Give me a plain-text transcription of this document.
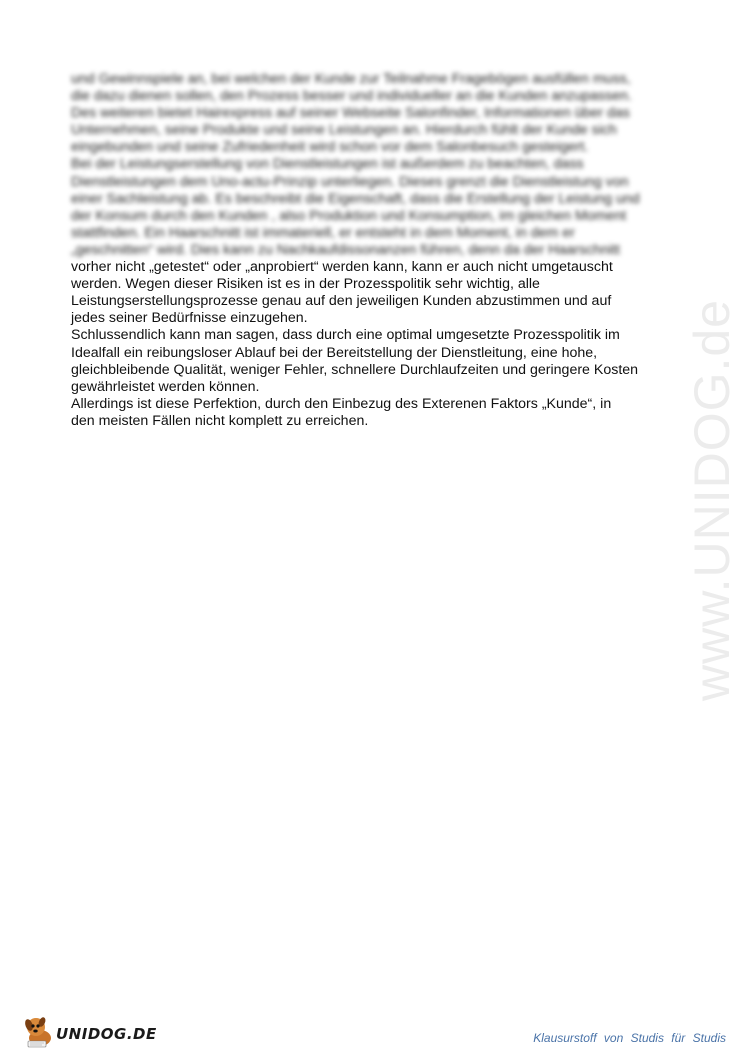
www.UNIDOG.de
und Gewinnspiele an, bei welchen der Kunde zur Teilnahme Fragebögen ausfüllen muss,
die dazu dienen sollen, den Prozess besser und individueller an die Kunden anzupassen.
Des weiteren bietet Hairexpress auf seiner Webseite Salonfinder, Informationen über das
Unternehmen, seine Produkte und seine Leistungen an. Hierdurch fühlt der Kunde sich
eingebunden und seine Zufriedenheit wird schon vor dem Salonbesuch gesteigert.
Bei der Leistungserstellung von Dienstleistungen ist außerdem zu beachten, dass
Dienstleistungen dem Uno-actu-Prinzip unterliegen. Dieses grenzt die Dienstleistung von
einer Sachleistung ab. Es beschreibt die Eigenschaft, dass die Erstellung der Leistung und
der Konsum durch den Kunden , also Produktion und Konsumption, im gleichen Moment
stattfinden. Ein Haarschnitt ist immateriell, er entsteht in dem Moment, in dem er
„geschnitten“ wird. Dies kann zu Nachkaufdissonanzen führen, denn da der Haarschnitt
vorher nicht „getestet“ oder „anprobiert“ werden kann, kann er auch nicht umgetauscht
werden. Wegen dieser Risiken ist es in der Prozesspolitik sehr wichtig, alle
Leistungserstellungsprozesse genau auf den jeweiligen Kunden abzustimmen und auf
jedes seiner Bedürfnisse einzugehen.
Schlussendlich kann man sagen, dass durch eine optimal umgesetzte Prozesspolitik im
Idealfall ein reibungsloser Ablauf bei der Bereitstellung der Dienstleitung, eine hohe,
gleichbleibende Qualität, weniger Fehler, schnellere Durchlaufzeiten und geringere Kosten
gewährleistet werden können.
Allerdings ist diese Perfektion, durch den Einbezug des Exterenen Faktors „Kunde“, in
den meisten Fällen nicht komplett zu erreichen.
UNIDOG.DE	Klausurstoff von Studis für Studis
